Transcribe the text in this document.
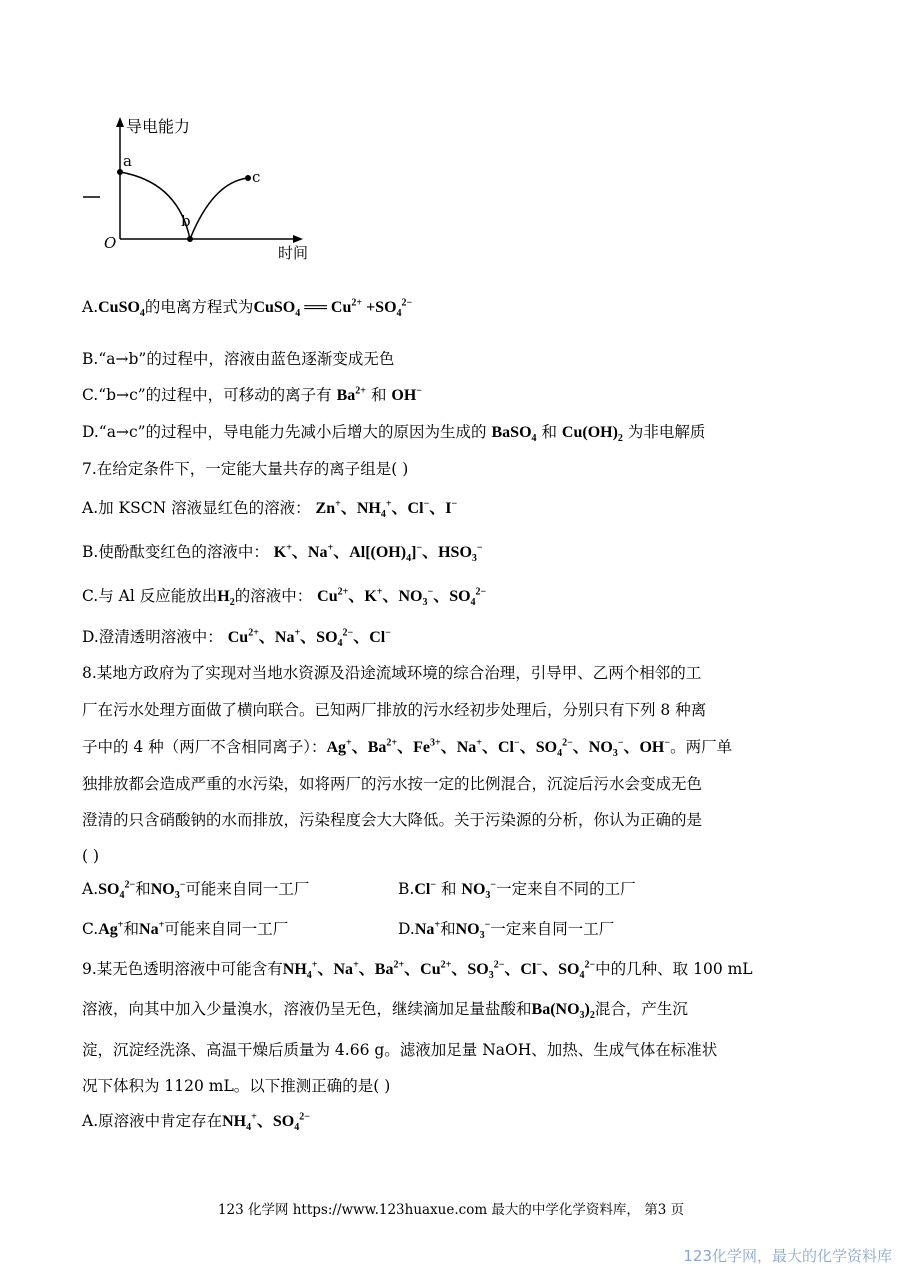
导电能力
时间
O
a
b
c
A.CuSO$_4$的电离方程式为CuSO$_4$ ══ $Cu^{2+} +SO_4^{2-}$
B.“a→b”的过程中，溶液由蓝色逐渐变成无色
C.“b→c”的过程中，可移动的离子有 $Ba^{2+}$ 和 OH−
D.“a→c”的过程中，导电能力先减小后增大的原因为生成的 BaSO$_4$ 和 $Cu(OH)_2$ 为非电解质
7.在给定条件下，一定能大量共存的离子组是( )
A.加 KSCN 溶液显红色的溶液： Zn+、$NH_4^+$、Cl−、I−
B.使酚酞变红色的溶液中： K+、Na+、$Al[(OH)_4]^-$、$HSO_3^-$
C.与 Al 反应能放出$H_2$的溶液中： $Cu^{2+}$、K+、$NO_3^-$、$SO_4^{2-}$
D.澄清透明溶液中： $Cu^{2+}$、Na+、$SO_4^{2-}$、Cl−
8.某地方政府为了实现对当地水资源及沿途流域环境的综合治理，引导甲、乙两个相邻的工
厂在污水处理方面做了横向联合。已知两厂排放的污水经初步处理后，分别只有下列 8 种离
子中的 4 种（两厂不含相同离子）：Ag+、$Ba^{2+}$、$Fe^{3+}$、Na+、Cl−、$SO_4^{2-}$、$NO_3^-$、OH−。两厂单
独排放都会造成严重的水污染，如将两厂的污水按一定的比例混合，沉淀后污水会变成无色
澄清的只含硝酸钠的水而排放，污染程度会大大降低。关于污染源的分析，你认为正确的是
( )
$A.SO_4^{2-}$和$NO_3^-$可能来自同一工厂	B.Cl− 和 $NO_3^-$一定来自不同的工厂
C.Ag+和Na+可能来自同一工厂	D.Na+和$NO_3^-$一定来自同一工厂
9.某无色透明溶液中可能含有$NH_4^+$、Na+、$Ba^{2+}$、$Cu^{2+}$、$SO_3^{2-}$、Cl−、$SO_4^{2-}$中的几种、取 100 mL
溶液，向其中加入少量溴水，溶液仍呈无色，继续滴加足量盐酸和$Ba(NO_3)_2$混合，产生沉
淀，沉淀经洗涤、高温干燥后质量为 4.66 g。滤液加足量 NaOH、加热、生成气体在标准状
况下体积为 1120 mL。以下推测正确的是( )
A.原溶液中肯定存在$NH_4^+$、$SO_4^{2-}$
123 化学网 https://www.123huaxue.com 最大的中学化学资料库， 第3 页
123化学网，最大的化学资料库
